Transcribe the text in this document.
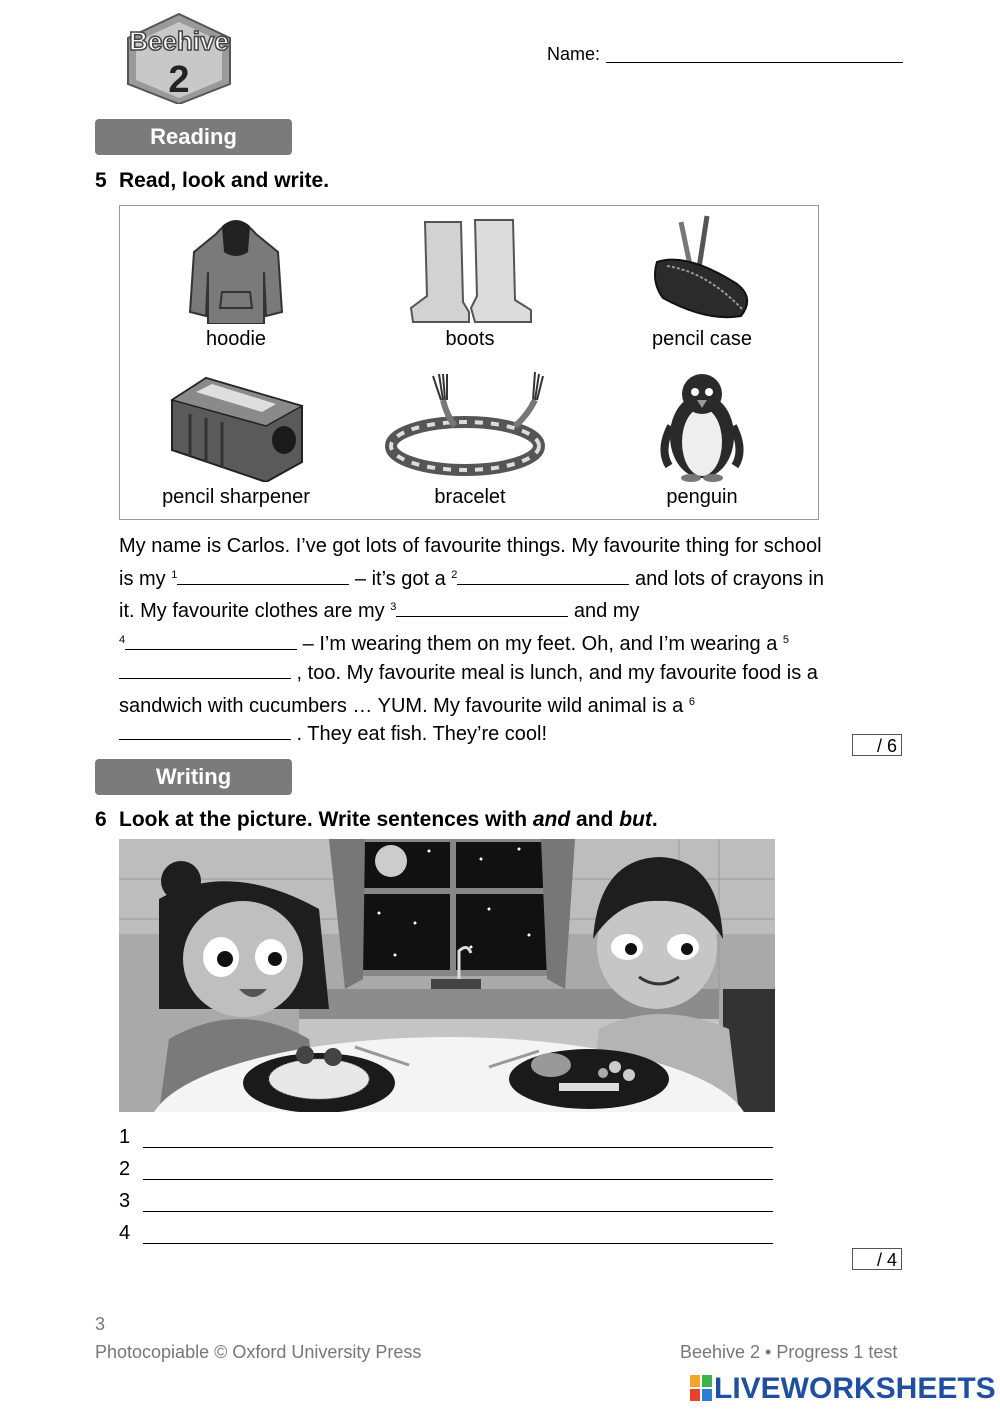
Beehive
2
Name:
Reading
5 Read, look and write.
hoodie	boots	pencil case
pencil sharpener	bracelet	penguin
My name is Carlos. I’ve got lots of favourite things. My favourite thing for school is my $^1$	– it’s got a $^2$	and lots of crayons in it. My favourite clothes are my $^3$	and my
$^4$	– I’m wearing them on my feet. Oh, and I’m wearing a $^5$ , too. My favourite meal is lunch, and my favourite food is a sandwich with cucumbers … YUM. My favourite wild animal is a $^6$ . They eat fish. They’re cool!
/ 6
Writing
6 Look at the picture. Write sentences with and and but.
1
2
3
4
/ 4
3
Photocopiable © Oxford University Press	Beehive 2 • Progress 1 test
LIVEWORKSHEETS
